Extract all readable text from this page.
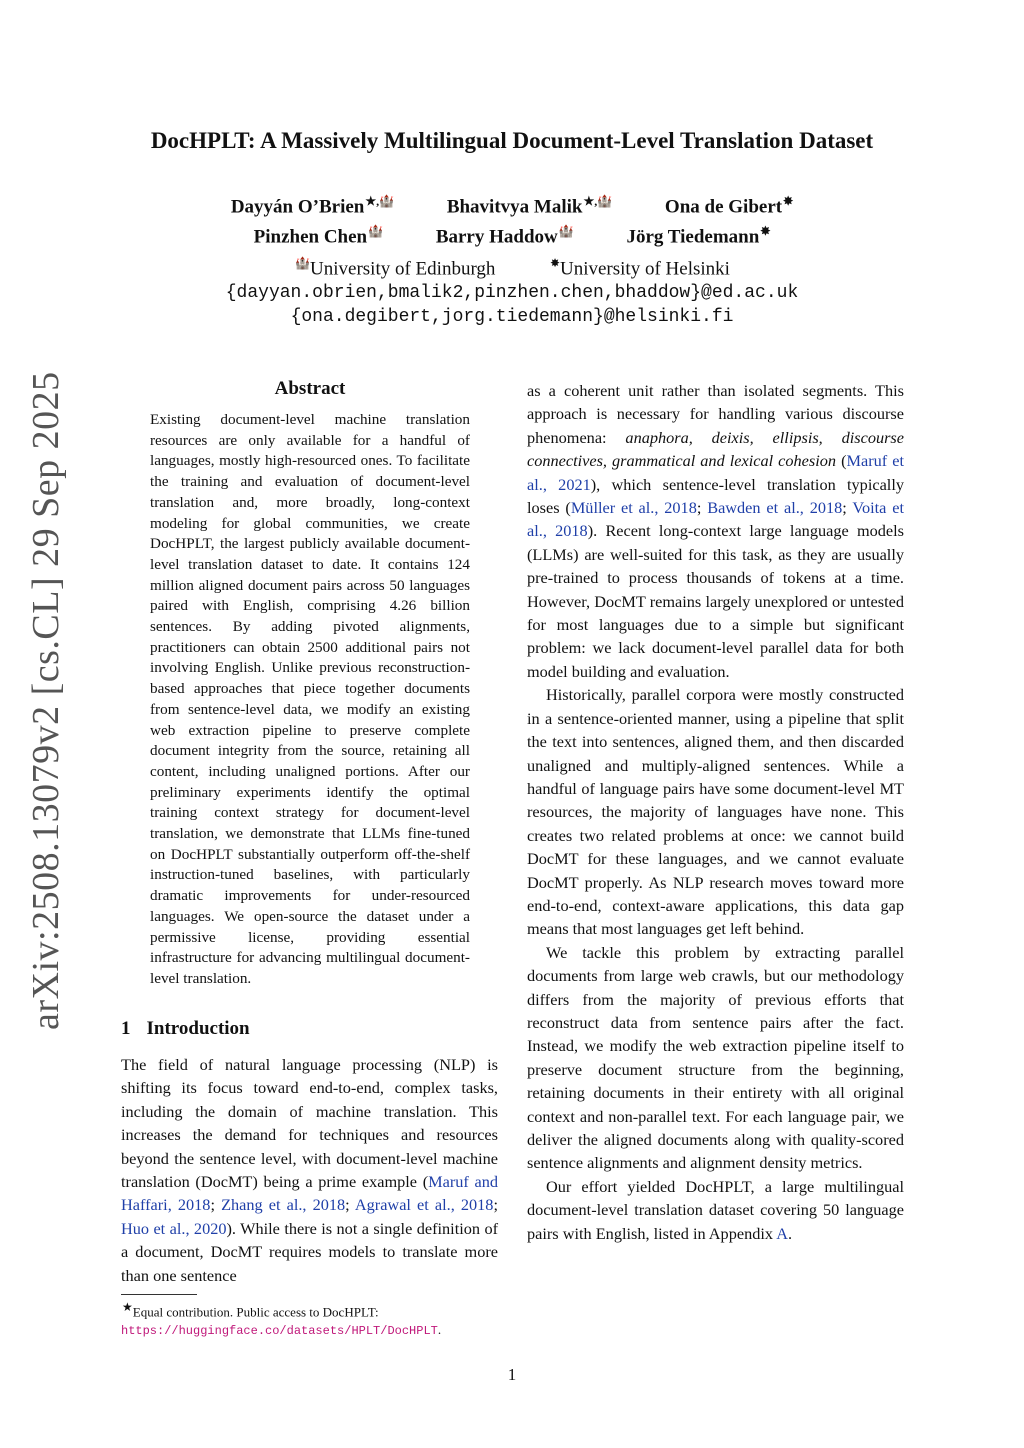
arXiv:2508.13079v2 [cs.CL] 29 Sep 2025
DocHPLT: A Massively Multilingual Document-Level Translation Dataset
Dayyán O’Brien★,🏰	Bhavitvya Malik★,🏰	Ona de Gibert✸
Pinzhen Chen🏰	Barry Haddow🏰	Jörg Tiedemann✸
🏰University of Edinburgh	✸University of Helsinki
{dayyan.obrien,bmalik2,pinzhen.chen,bhaddow}@ed.ac.uk
{ona.degibert,jorg.tiedemann}@helsinki.fi
Abstract
Existing document-level machine translation resources are only available for a handful of languages, mostly high-resourced ones. To facilitate the training and evaluation of document-level translation and, more broadly, long-context modeling for global communities, we create DocHPLT, the largest publicly available document-level translation dataset to date. It contains 124 million aligned document pairs across 50 languages paired with English, comprising 4.26 billion sentences. By adding pivoted alignments, practitioners can obtain 2500 additional pairs not involving English. Unlike previous reconstruction-based approaches that piece together documents from sentence-level data, we modify an existing web extraction pipeline to preserve complete document integrity from the source, retaining all content, including unaligned portions. After our preliminary experiments identify the optimal training context strategy for document-level translation, we demonstrate that LLMs fine-tuned on DocHPLT substantially outperform off-the-shelf instruction-tuned baselines, with particularly dramatic improvements for under-resourced languages. We open-source the dataset under a permissive license, providing essential infrastructure for advancing multilingual document-level translation.
1 Introduction
The field of natural language processing (NLP) is shifting its focus toward end-to-end, complex tasks, including the domain of machine translation. This increases the demand for techniques and resources beyond the sentence level, with document-level machine translation (DocMT) being a prime example (Maruf and Haffari, 2018; Zhang et al., 2018; Agrawal et al., 2018; Huo et al., 2020). While there is not a single definition of a document, DocMT requires models to translate more than one sentence

as a coherent unit rather than isolated segments. This approach is necessary for handling various discourse phenomena: anaphora, deixis, ellipsis, discourse connectives, grammatical and lexical cohesion (Maruf et al., 2021), which sentence-level translation typically loses (Müller et al., 2018; Bawden et al., 2018; Voita et al., 2018). Recent long-context large language models (LLMs) are well-suited for this task, as they are usually pre-trained to process thousands of tokens at a time. However, DocMT remains largely unexplored or untested for most languages due to a simple but significant problem: we lack document-level parallel data for both model building and evaluation.

Historically, parallel corpora were mostly constructed in a sentence-oriented manner, using a pipeline that split the text into sentences, aligned them, and then discarded unaligned and multiply-aligned sentences. While a handful of language pairs have some document-level MT resources, the majority of languages have none. This creates two related problems at once: we cannot build DocMT for these languages, and we cannot evaluate DocMT properly. As NLP research moves toward more end-to-end, context-aware applications, this data gap means that most languages get left behind.

We tackle this problem by extracting parallel documents from large web crawls, but our methodology differs from the majority of previous efforts that reconstruct data from sentence pairs after the fact. Instead, we modify the web extraction pipeline itself to preserve document structure from the beginning, retaining documents in their entirety with all original context and non-parallel text. For each language pair, we deliver the aligned documents along with quality-scored sentence alignments and alignment density metrics.

Our effort yielded DocHPLT, a large multilingual document-level translation dataset covering 50 language pairs with English, listed in Appendix A.

★Equal contribution. Public access to DocHPLT: https://huggingface.co/datasets/HPLT/DocHPLT.
1
